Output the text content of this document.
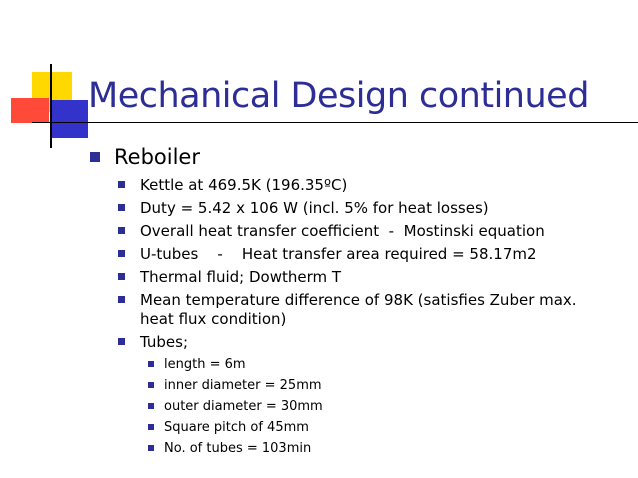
Mechanical Design continued
Reboiler
Kettle at 469.5K (196.35ºC)
Duty = 5.42 x 106 W (incl. 5% for heat losses)
Overall heat transfer coefficient  -  Mostinski equation
U-tubes    -    Heat transfer area required = 58.17m2
Thermal fluid; Dowtherm T
Mean temperature difference of 98K (satisfies Zuber max. heat flux condition)
Tubes;
length = 6m
inner diameter = 25mm
outer diameter = 30mm
Square pitch of 45mm
No. of tubes = 103min
